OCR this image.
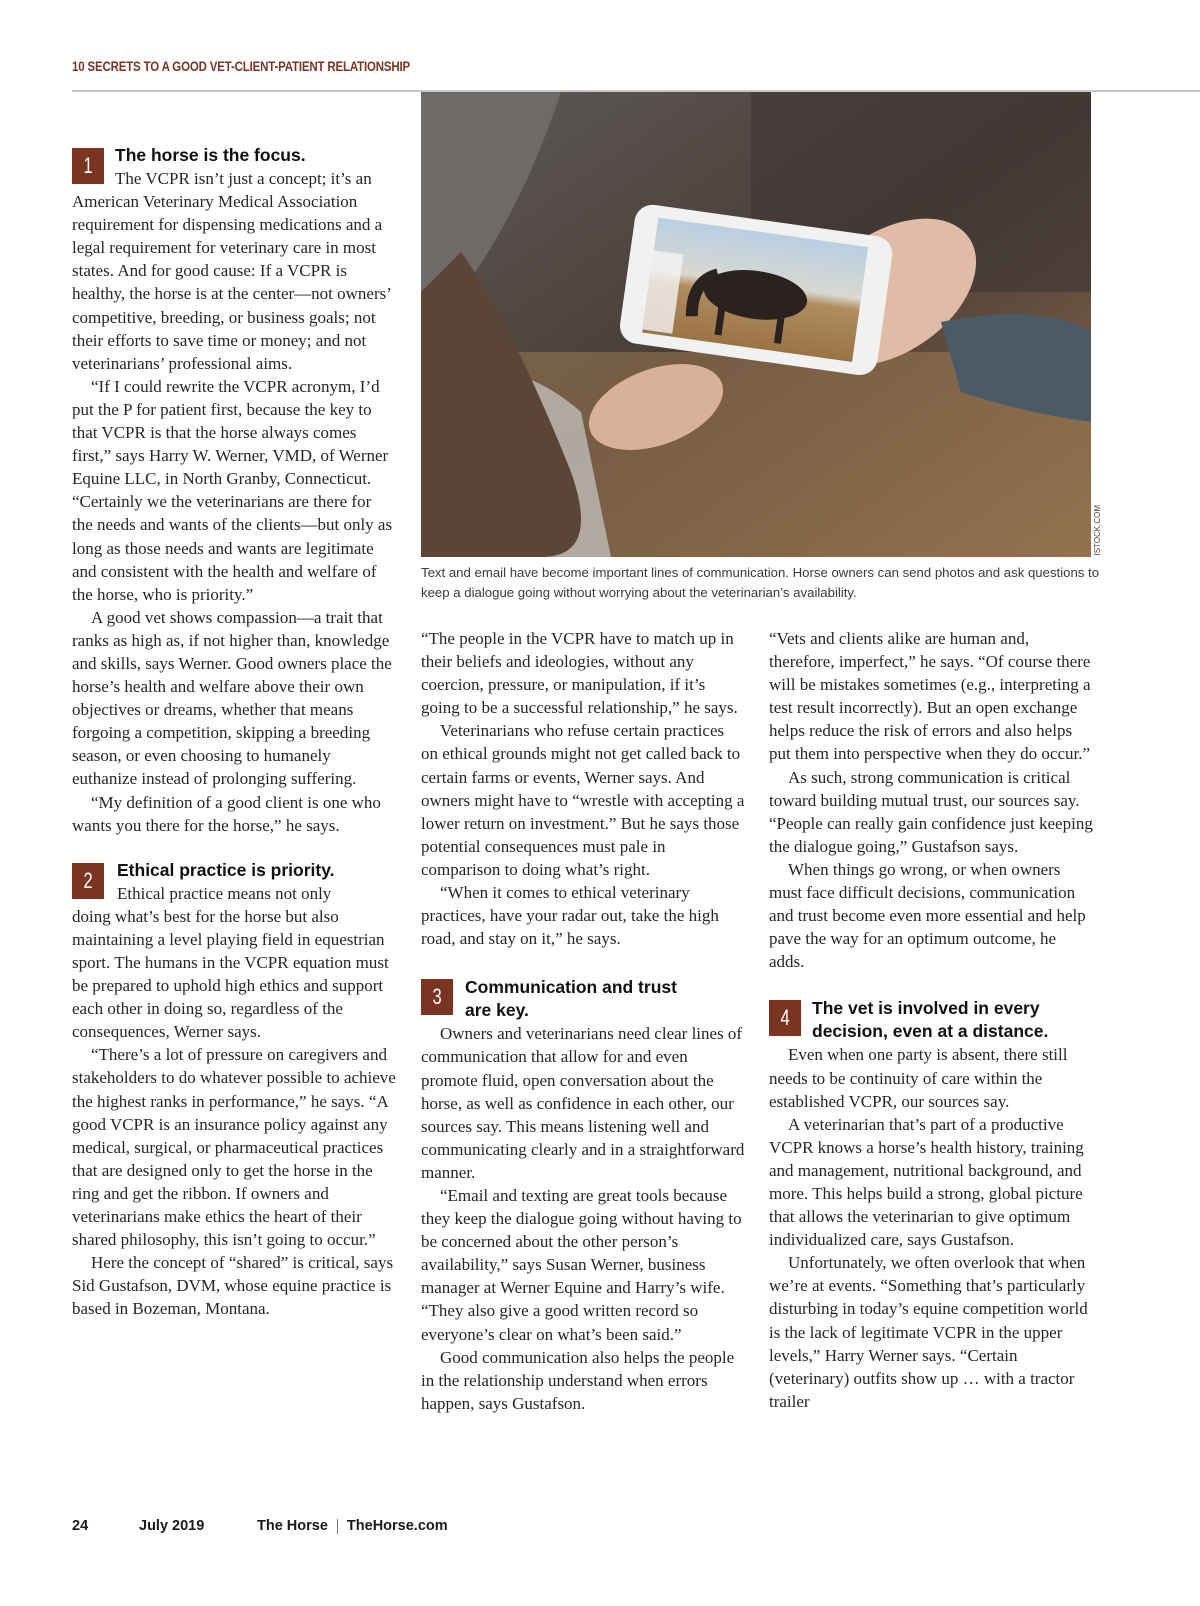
10 SECRETS TO A GOOD VET-CLIENT-PATIENT RELATIONSHIP
ISTOCK.COM
Text and email have become important lines of communication. Horse owners can send photos and ask questions to keep a dialogue going without worrying about the veterinarian’s availability.
1	The horse is the focus.
The VCPR isn’t just a concept; it’s an

American Veterinary Medical Association requirement for dispensing medications and a legal requirement for veterinary care in most states. And for good cause: If a VCPR is healthy, the horse is at the center—not owners’ competitive, breeding, or business goals; not their efforts to save time or money; and not veterinarians’ professional aims.

“If I could rewrite the VCPR acronym, I’d put the P for patient first, because the key to that VCPR is that the horse always comes first,” says Harry W. Werner, VMD, of Werner Equine LLC, in North Granby, Connecticut. “Certainly we the veterinarians are there for the needs and wants of the clients—but only as long as those needs and wants are legitimate and consistent with the health and welfare of the horse, who is priority.”

A good vet shows compassion—a trait that ranks as high as, if not higher than, knowledge and skills, says Werner. Good owners place the horse’s health and welfare above their own objectives or dreams, whether that means forgoing a competition, skipping a breeding season, or even choosing to humanely euthanize instead of prolonging suffering.

“My definition of a good client is one who wants you there for the horse,” he says.

2	Ethical practice is priority.
Ethical practice means not only

doing what’s best for the horse but also maintaining a level playing field in equestrian sport. The humans in the VCPR equation must be prepared to uphold high ethics and support each other in doing so, regardless of the consequences, Werner says.

“There’s a lot of pressure on caregivers and stakeholders to do whatever possible to achieve the highest ranks in performance,” he says. “A good VCPR is an insurance policy against any medical, surgical, or pharmaceutical practices that are designed only to get the horse in the ring and get the ribbon. If owners and veterinarians make ethics the heart of their shared philosophy, this isn’t going to occur.”

Here the concept of “shared” is critical, says Sid Gustafson, DVM, whose equine practice is based in Bozeman, Montana.

“The people in the VCPR have to match up in their beliefs and ideologies, without any coercion, pressure, or manipulation, if it’s going to be a successful relationship,” he says.

Veterinarians who refuse certain practices on ethical grounds might not get called back to certain farms or events, Werner says. And owners might have to “wrestle with accepting a lower return on investment.” But he says those potential consequences must pale in comparison to doing what’s right.

“When it comes to ethical veterinary practices, have your radar out, take the high road, and stay on it,” he says.

3	Communication and trust
are key.

Owners and veterinarians need clear lines of communication that allow for and even promote fluid, open conversation about the horse, as well as confidence in each other, our sources say. This means listening well and communicating clearly and in a straightforward manner.

“Email and texting are great tools because they keep the dialogue going without having to be concerned about the other person’s availability,” says Susan Werner, business manager at Werner Equine and Harry’s wife. “They also give a good written record so everyone’s clear on what’s been said.”

Good communication also helps the people in the relationship understand when errors happen, says Gustafson.

“Vets and clients alike are human and, therefore, imperfect,” he says. “Of course there will be mistakes sometimes (e.g., interpreting a test result incorrectly). But an open exchange helps reduce the risk of errors and also helps put them into perspective when they do occur.”

As such, strong communication is critical toward building mutual trust, our sources say. “People can really gain confidence just keeping the dialogue going,” Gustafson says.

When things go wrong, or when owners must face difficult decisions, communication and trust become even more essential and help pave the way for an optimum outcome, he adds.

4	The vet is involved in every
decision, even at a distance.

Even when one party is absent, there still needs to be continuity of care within the established VCPR, our sources say.

A veterinarian that’s part of a productive VCPR knows a horse’s health history, training and management, nutritional background, and more. This helps build a strong, global picture that allows the veterinarian to give optimum individualized care, says Gustafson.

Unfortunately, we often overlook that when we’re at events. “Something that’s particularly disturbing in today’s equine competition world is the lack of legitimate VCPR in the upper levels,” Harry Werner says. “Certain (veterinary) outfits show up … with a tractor trailer

24	July 2019	The Horse TheHorse.com
